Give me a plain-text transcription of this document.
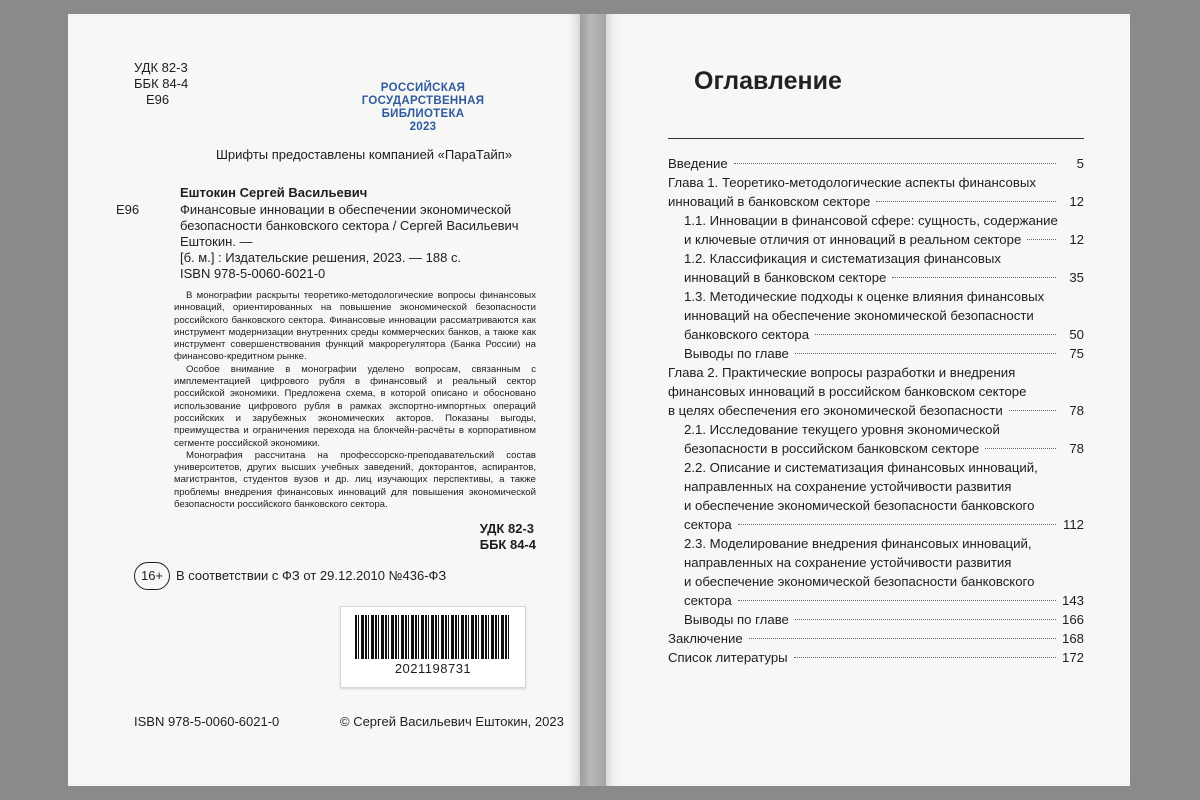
УДК 82-3
ББК 84-4
Е96
РОССИЙСКАЯ
ГОСУДАРСТВЕННАЯ
БИБЛИОТЕКА
2023
Шрифты предоставлены компанией «ПараТайп»
Ештокин Сергей Васильевич
Е96	Финансовые инновации в обеспечении экономической

безопасности банковского сектора / Сергей Васильевич Ештокин. —

[б. м.] : Издательские решения, 2023. — 188 с.

ISBN 978-5-0060-6021-0

В монографии раскрыты теоретико-методологические вопросы финансовых инноваций, ориентированных на повышение экономической безопасности российского банковского сектора. Финансовые инновации рассматриваются как инструмент модернизации внутренних среды коммерческих банков, а также как инструмент совершенствования функций макрорегулятора (Банка России) на финансово-кредитном рынке.

Особое внимание в монографии уделено вопросам, связанным с имплементацией цифрового рубля в финансовый и реальный сектор российской экономики. Предложена схема, в которой описано и обосновано использование цифрового рубля в рамках экспортно-импортных операций российских и зарубежных экономических акторов. Показаны выгоды, преимущества и ограничения перехода на блокчейн-расчёты в корпоративном сегменте российской экономики.

Монография рассчитана на профессорско-преподавательский состав университетов, других высших учебных заведений, докторантов, аспирантов, магистрантов, студентов вузов и др. лиц изучающих перспективы, а также проблемы внедрения финансовых инноваций для повышения экономической безопасности российского банковского сектора.

УДК 82-3
ББК 84-4
16+ В соответствии с ФЗ от 29.12.2010 №436-ФЗ
2021198731
ISBN 978-5-0060-6021-0	© Сергей Васильевич Ештокин, 2023
Оглавление
Введение	5
Глава 1. Теоретико-методологические аспекты финансовых
инноваций в банковском секторе	12
1.1. Инновации в финансовой сфере: сущность, содержание
и ключевые отличия от инноваций в реальном секторе	12
1.2. Классификация и систематизация финансовых
инноваций в банковском секторе	35
1.3. Методические подходы к оценке влияния финансовых
инноваций на обеспечение экономической безопасности
банковского сектора	50
Выводы по главе	75
Глава 2. Практические вопросы разработки и внедрения
финансовых инноваций в российском банковском секторе
в целях обеспечения его экономической безопасности	78
2.1. Исследование текущего уровня экономической
безопасности в российском банковском секторе	78
2.2. Описание и систематизация финансовых инноваций,
направленных на сохранение устойчивости развития
и обеспечение экономической безопасности банковского
сектора	112
2.3. Моделирование внедрения финансовых инноваций,
направленных на сохранение устойчивости развития
и обеспечение экономической безопасности банковского
сектора	143
Выводы по главе	166
Заключение	168
Список литературы	172
